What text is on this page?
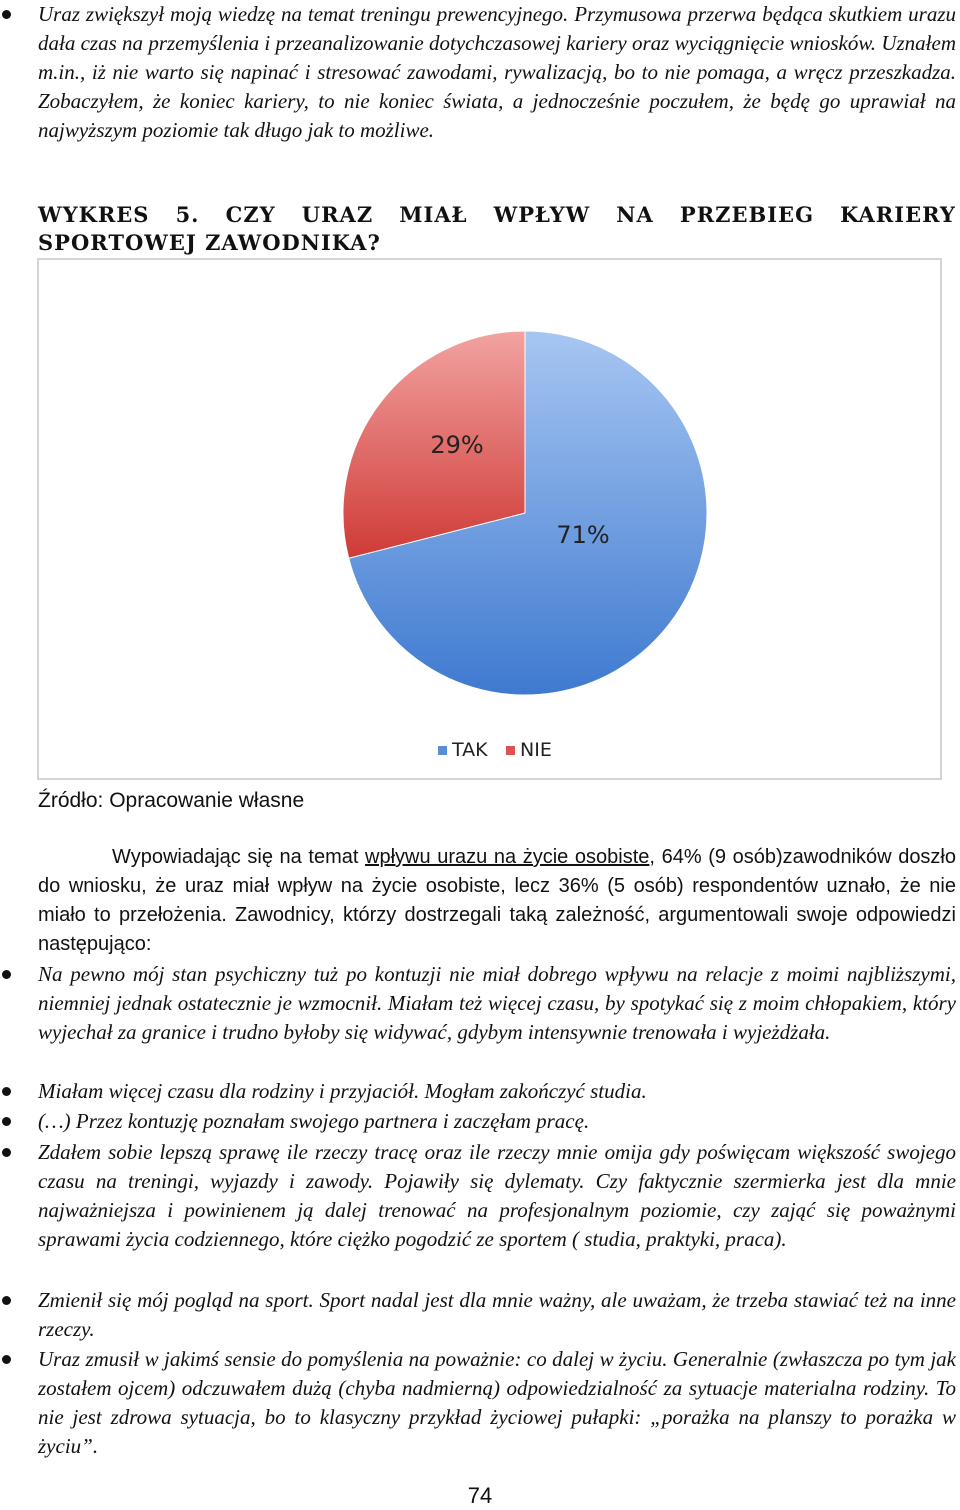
Uraz zwiększył moją wiedzę na temat treningu prewencyjnego. Przymusowa przerwa będąca skutkiem urazu dała czas na przemyślenia i przeanalizowanie dotychczasowej kariery oraz wyciągnięcie wniosków. Uznałem m.in., iż nie warto się napinać i stresować zawodami, rywalizacją, bo to nie pomaga, a wręcz przeszkadza. Zobaczyłem, że koniec kariery, to nie koniec świata, a jednocześnie poczułem, że będę go uprawiał na najwyższym poziomie tak długo jak to możliwe.
WYKRES 5. CZY URAZ MIAŁ WPŁYW NA PRZEBIEG KARIERY
SPORTOWEJ ZAWODNIKA?
71%
29%
TAK NIE
Źródło: Opracowanie własne
Wypowiadając się na temat wpływu urazu na życie osobiste, 64% (9 osób)zawodników doszło do wniosku, że uraz miał wpływ na życie osobiste, lecz 36% (5 osób) respondentów uznało, że nie miało to przełożenia. Zawodnicy, którzy dostrzegali taką zależność, argumentowali swoje odpowiedzi następująco:
Na pewno mój stan psychiczny tuż po kontuzji nie miał dobrego wpływu na relacje z moimi najbliższymi, niemniej jednak ostatecznie je wzmocnił. Miałam też więcej czasu, by spotykać się z moim chłopakiem, który wyjechał za granice i trudno byłoby się widywać, gdybym intensywnie trenowała i wyjeżdżała.
Miałam więcej czasu dla rodziny i przyjaciół. Mogłam zakończyć studia.
(…) Przez kontuzję poznałam swojego partnera i zaczęłam pracę.
Zdałem sobie lepszą sprawę ile rzeczy tracę oraz ile rzeczy mnie omija gdy poświęcam większość swojego czasu na treningi, wyjazdy i zawody. Pojawiły się dylematy. Czy faktycznie szermierka jest dla mnie najważniejsza i powinienem ją dalej trenować na profesjonalnym poziomie, czy zająć się poważnymi sprawami życia codziennego, które ciężko pogodzić ze sportem ( studia, praktyki, praca).
Zmienił się mój pogląd na sport. Sport nadal jest dla mnie ważny, ale uważam, że trzeba stawiać też na inne rzeczy.
Uraz zmusił w jakimś sensie do pomyślenia na poważnie: co dalej w życiu. Generalnie (zwłaszcza po tym jak zostałem ojcem) odczuwałem dużą (chyba nadmierną) odpowiedzialność za sytuacje materialna rodziny. To nie jest zdrowa sytuacja, bo to klasyczny przykład życiowej pułapki: „porażka na planszy to porażka w życiu”.
74
